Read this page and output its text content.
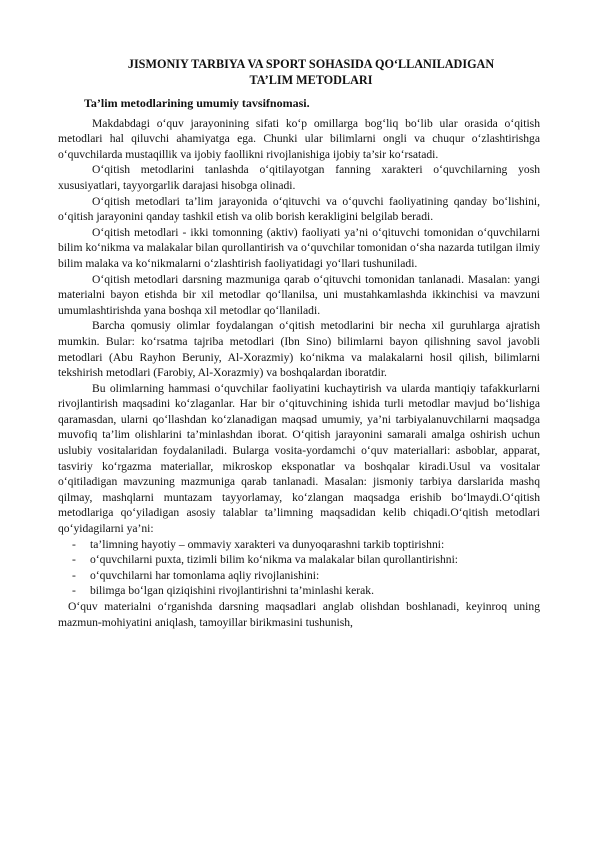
JISMONIY TARBIYA VA SPORT SOHASIDA QO‘LLANILADIGAN
TA’LIM METODLARI
Ta’lim metodlarining umumiy tavsifnomasi.

Makdabdagi o‘quv jarayonining sifati ko‘p omillarga bog‘liq bo‘lib ular orasida o‘qitish metodlari hal qiluvchi ahamiyatga ega. Chunki ular bilimlarni ongli va chuqur o‘zlashtirishga o‘quvchilarda mustaqillik va ijobiy faollikni rivojlanishiga ijobiy ta’sir ko‘rsatadi.

O‘qitish metodlarini tanlashda o‘qitilayotgan fanning xarakteri o‘quvchilarning yosh xususiyatlari, tayyorgarlik darajasi hisobga olinadi.

O‘qitish metodlari ta’lim jarayonida o‘qituvchi va o‘quvchi faoliyatining qanday bo‘lishini, o‘qitish jarayonini qanday tashkil etish va olib borish kerakligini belgilab beradi.

O‘qitish metodlari - ikki tomonning (aktiv) faoliyati ya’ni o‘qituvchi tomonidan o‘quvchilarni bilim ko‘nikma va malakalar bilan qurollantirish va o‘quvchilar tomonidan o‘sha nazarda tutilgan ilmiy bilim malaka va ko‘nikmalarni o‘zlashtirish faoliyatidagi yo‘llari tushuniladi.

O‘qitish metodlari darsning mazmuniga qarab o‘qituvchi tomonidan tanlanadi. Masalan: yangi materialni bayon etishda bir xil metodlar qo‘llanilsa, uni mustahkamlashda ikkinchisi va mavzuni umumlashtirishda yana boshqa xil metodlar qo‘llaniladi.

Barcha qomusiy olimlar foydalangan o‘qitish metodlarini bir necha xil guruhlarga ajratish mumkin. Bular: ko‘rsatma tajriba metodlari (Ibn Sino) bilimlarni bayon qilishning savol javobli metodlari (Abu Rayhon Beruniy, Al-Xorazmiy) ko‘nikma va malakalarni hosil qilish, bilimlarni tekshirish metodlari (Farobiy, Al-Xorazmiy) va boshqalardan iboratdir.

Bu olimlarning hammasi o‘quvchilar faoliyatini kuchaytirish va ularda mantiqiy tafakkurlarni rivojlantirish maqsadini ko‘zlaganlar. Har bir o‘qituvchining ishida turli metodlar mavjud bo‘lishiga qaramasdan, ularni qo‘llashdan ko‘zlanadigan maqsad umumiy, ya’ni tarbiyalanuvchilarni maqsadga muvofiq ta’lim olishlarini ta’minlashdan iborat. O‘qitish jarayonini samarali amalga oshirish uchun uslubiy vositalaridan foydalaniladi. Bularga vosita-yordamchi o‘quv materiallari: asboblar, apparat, tasviriy ko‘rgazma materiallar, mikroskop eksponatlar va boshqalar kiradi.Usul va vositalar o‘qitiladigan mavzuning mazmuniga qarab tanlanadi. Masalan: jismoniy tarbiya darslarida mashq qilmay, mashqlarni muntazam tayyorlamay, ko‘zlangan maqsadga erishib bo‘lmaydi.O‘qitish metodlariga qo‘yiladigan asosiy talablar ta’limning maqsadidan kelib chiqadi.O‘qitish metodlari qo‘yidagilarni ya’ni:

- ta’limning hayotiy – ommaviy xarakteri va dunyoqarashni tarkib toptirishni:
- o‘quvchilarni puxta, tizimli bilim ko‘nikma va malakalar bilan qurollantirishni:
- o‘quvchilarni har tomonlama aqliy rivojlanishini:
- bilimga bo‘lgan qiziqishini rivojlantirishni ta’minlashi kerak.

O‘quv materialni o‘rganishda darsning maqsadlari anglab olishdan boshlanadi, keyinroq uning mazmun-mohiyatini aniqlash, tamoyillar birikmasini tushunish,
